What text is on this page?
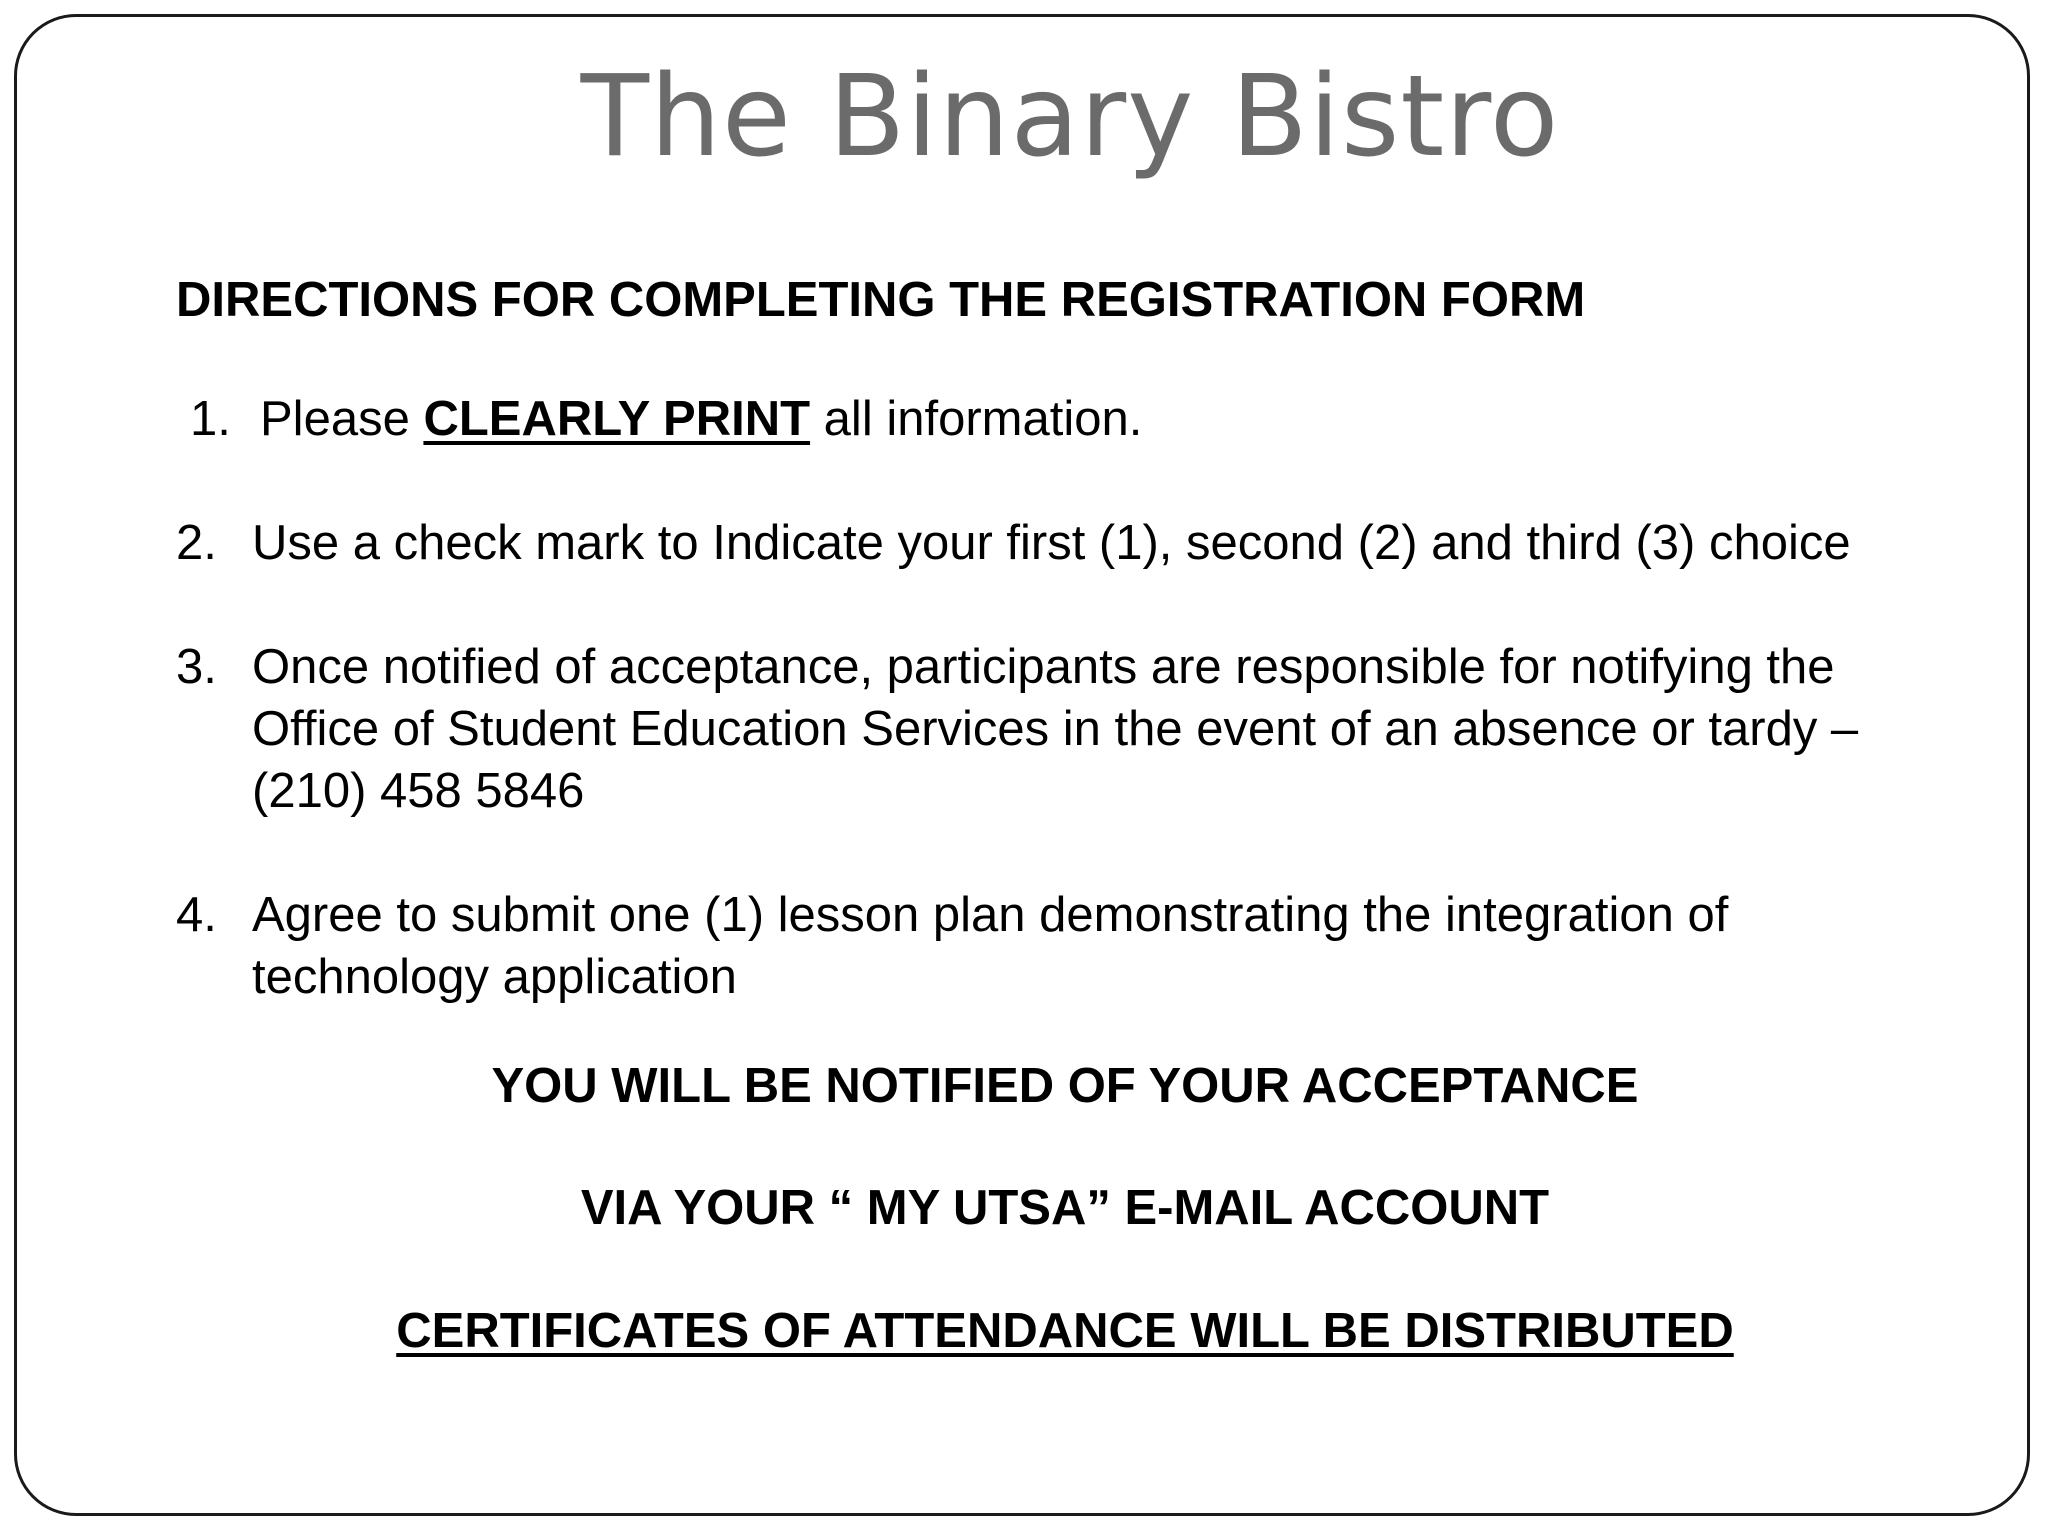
The Binary Bistro
DIRECTIONS FOR COMPLETING THE REGISTRATION FORM
1. Please CLEARLY PRINT all information.
2. Use a check mark to Indicate your first (1), second (2) and third (3) choice
3. Once notified of acceptance, participants are responsible for notifying the
Office of Student Education Services in the event of an absence or tardy –
(210) 458 5846
4. Agree to submit one (1) lesson plan demonstrating the integration of
technology application
YOU WILL BE NOTIFIED OF YOUR ACCEPTANCE
VIA YOUR “ MY UTSA” E-MAIL ACCOUNT
CERTIFICATES OF ATTENDANCE WILL BE DISTRIBUTED
